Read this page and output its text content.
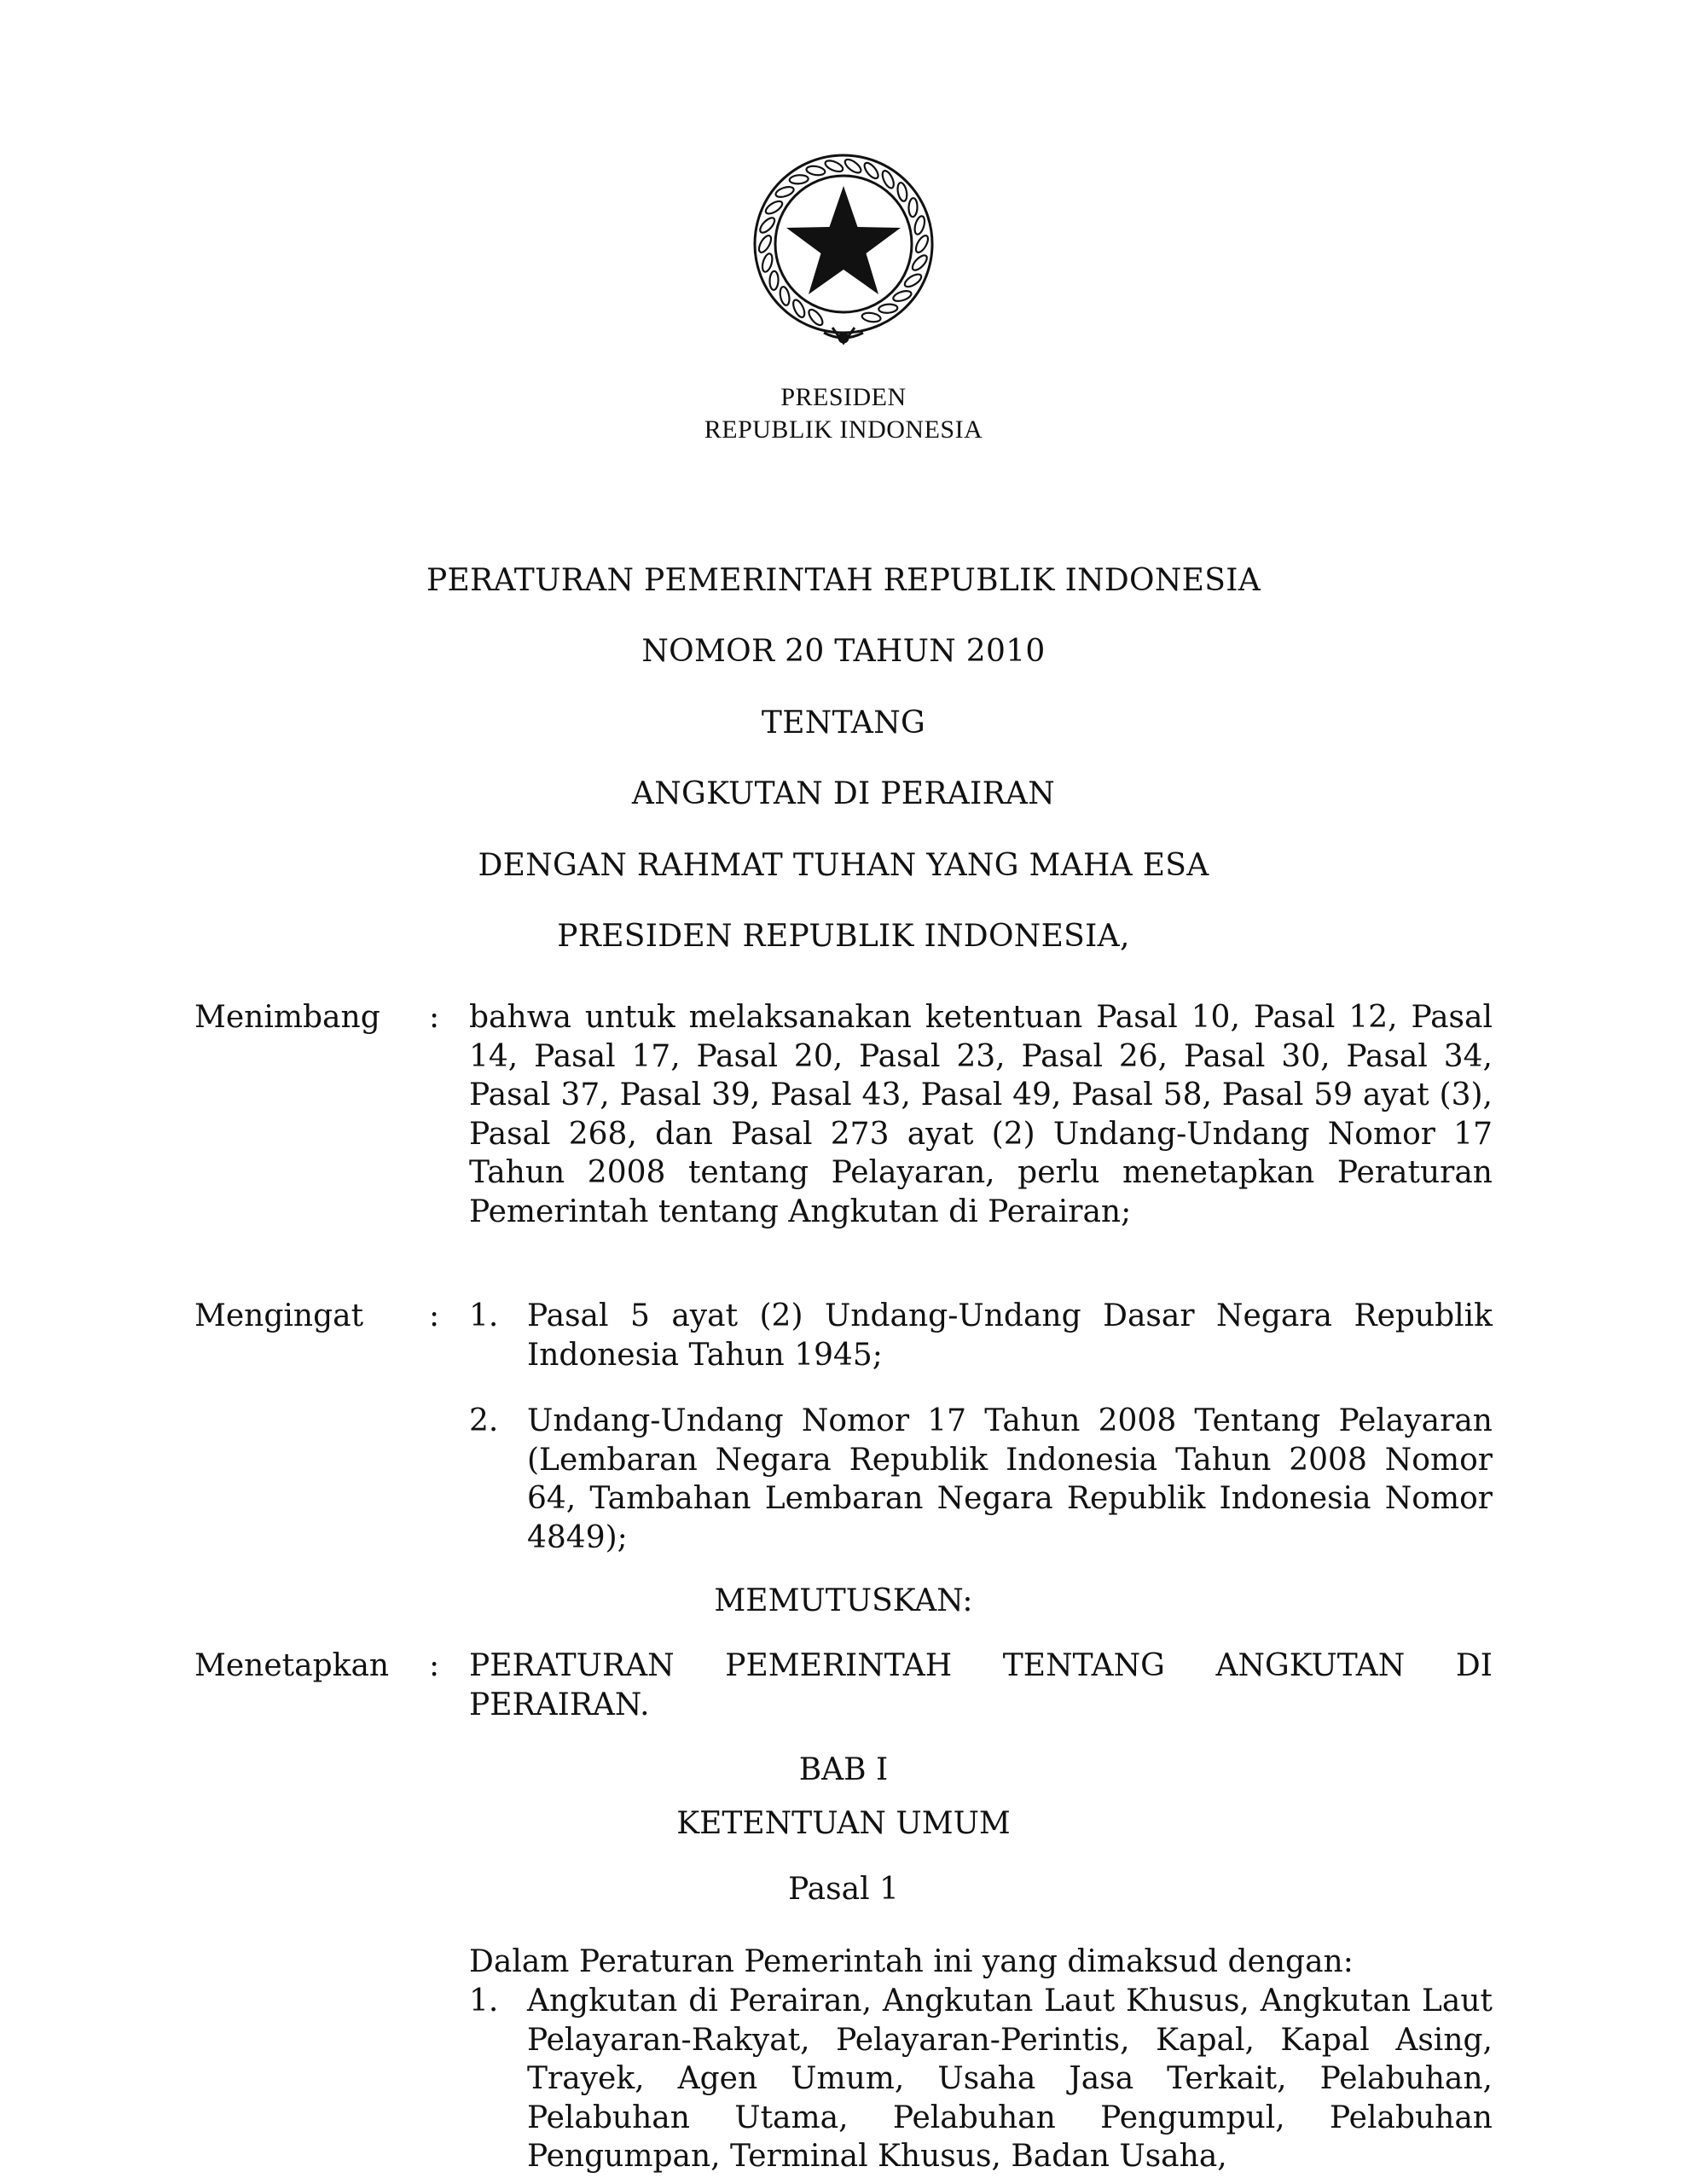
PRESIDEN
REPUBLIK INDONESIA
PERATURAN PEMERINTAH REPUBLIK INDONESIA
NOMOR 20 TAHUN 2010
TENTANG
ANGKUTAN DI PERAIRAN
DENGAN RAHMAT TUHAN YANG MAHA ESA
PRESIDEN REPUBLIK INDONESIA,
Menimbang : bahwa untuk melaksanakan ketentuan Pasal 10, Pasal 12, Pasal 14, Pasal 17, Pasal 20, Pasal 23, Pasal 26, Pasal 30, Pasal 34, Pasal 37, Pasal 39, Pasal 43, Pasal 49, Pasal 58, Pasal 59 ayat (3), Pasal 268, dan Pasal 273 ayat (2) Undang-Undang Nomor 17 Tahun 2008 tentang Pelayaran, perlu menetapkan Peraturan Pemerintah tentang Angkutan di Perairan;

Mengingat : 1. Pasal 5 ayat (2) Undang-Undang Dasar Negara Republik Indonesia Tahun 1945;
2. Undang-Undang Nomor 17 Tahun 2008 Tentang Pelayaran (Lembaran Negara Republik Indonesia Tahun 2008 Nomor 64, Tambahan Lembaran Negara Republik Indonesia Nomor 4849);
MEMUTUSKAN:
Menetapkan : PERATURAN PEMERINTAH TENTANG ANGKUTAN DI PERAIRAN.

BAB I
KETENTUAN UMUM
Pasal 1
Dalam Peraturan Pemerintah ini yang dimaksud dengan:
1. Angkutan di Perairan, Angkutan Laut Khusus, Angkutan Laut Pelayaran-Rakyat, Pelayaran-Perintis, Kapal, Kapal Asing, Trayek, Agen Umum, Usaha Jasa Terkait, Pelabuhan, Pelabuhan Utama, Pelabuhan Pengumpul, Pelabuhan Pengumpan, Terminal Khusus, Badan Usaha,
